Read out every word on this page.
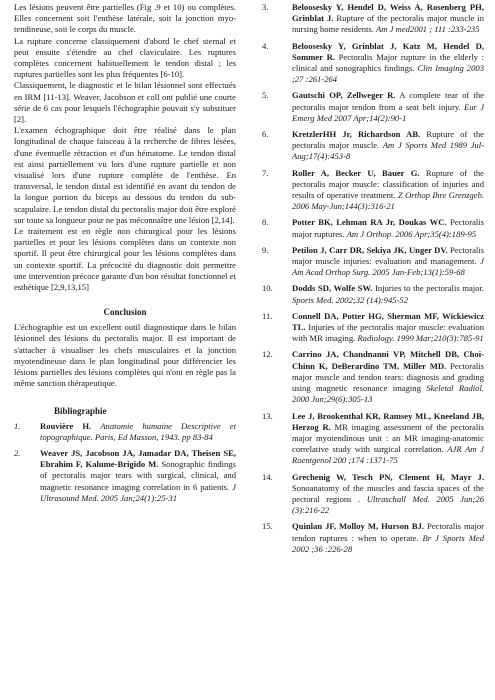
Les lésions peuvent être partielles (Fig .9 et 10) ou complètes. Elles concernent soit l'enthèse latérale, soit la jonction myo-tendineuse, soit le corps du muscle.

La rupture concerne classiquement d'abord le chef sternal et peut ensuite s'étendre au chef claviculaire. Les ruptures complètes concernent habituellement le tendon distal ; les ruptures partielles sont les plus fréquentes [6-10].

Classiquement, le diagnostic et le bilan lésionnel sont effectués en IRM [11-13]. Weaver, Jacobson et coll ont publié une courte série de 6 cas pour lesquels l'échographie pouvait s'y substituer [2].

L'examen échographique doit être réalisé dans le plan longitudinal de chaque faisceau à la recherche de fibres lésées, d'une éventuelle rétraction et d'un hématome. Le tendon distal est ainsi partiellement vu lors d'une rupture partielle et non visualisé lors d'une rupture complète de l'enthèse. En transversal, le tendon distal est identifié en avant du tendon de la longue portion du biceps au dessous du tendon du sub-scapulaire. Le tendon distal du pectoralis major doit être exploré sur toute sa longueur pour ne pas méconnaître une lésion [2,14].

Le traitement est en règle non chirurgical pour les lésions partielles et pour les lésions complètes dans un contexte non sportif. Il peut être chirurgical pour les lésions complètes dans un contexte sportif. La précocité du diagnostic doit permettre une intervention précoce garante d'un bon résultat fonctionnel et esthétique [2,9,13,15]

Conclusion

L'échographie est un excellent outil diagnostique dans le bilan lésionnel des lésions du pectoralis major. Il est important de s'attacher à visualiser les chefs musculaires et la jonction myotendineuse dans le plan longitudinal pour différencier les lésions partielles des lésions complètes qui n'ont en règle pas la même sanction thérapeutique.

Bibliographie
1.	Rouvière H. Anatomie humaine Descriptive et topographique. Paris, Ed Masson, 1943. pp 83-84
2.	Weaver JS, Jacobson JA, Jamadar DA, Theisen SE, Ebrahim F, Kalume-Brigido M. Sonographic findings of pectoralis major tears with surgical, clinical, and magnetic resonance imaging correlation in 6 patients. J Ultrasound Med. 2005 Jan;24(1):25-31
3.	Beloosesky Y, Hendel D, Weiss A, Rosenberg PH, Grinblat J. Rupture of the pectoralis major muscle in nursing home residents. Am J med2001 ; 111 :233-235
4.	Beloosesky Y, Grinblat J, Katz M, Hendel D, Sommer R. Pectoralis Major rupture in the elderly : clinical and sonographics findings. Clin Imaging 2003 ;27 :261-264
5.	Gautschi OP, Zellweger R. A complete tear of the pectoralis major tendon from a seat belt injury. Eur J Emerg Med 2007 Apr;14(2):90-1
6.	KretzlerHH Jr, Richardson AB. Rupture of the pectoralis major muscle. Am J Sports Med 1989 Jul-Aug;17(4):453-8
7.	Roller A, Becker U, Bauer G. Rupture of the pectoralis major muscle: classification of injuries and results of operative treatment. Z Orthop Ihre Grenzgeb. 2006 May-Jun;144(3):316-21
8.	Potter BK, Lehman RA Jr, Doukas WC. Pectoralis major ruptures. Am J Orthop. 2006 Apr;35(4):189-95
9.	Petilon J, Carr DR, Sekiya JK, Unger DV. Pectoralis major muscle injuries: evaluation and management. J Am Acad Orthop Surg. 2005 Jan-Feb;13(1):59-68
10.	Dodds SD, Wolfe SW. Injuries to the pectoralis major. Sports Med. 2002;32 (14):945-52
11.	Connell DA, Potter HG, Sherman MF, Wickiewicz TL. Injuries of the pectoralis major muscle: evaluation with MR imaging. Radiology. 1999 Mar;210(3):785-91
12.	Carrino JA, Chandnanni VP, Mitchell DB, Choi-Chinn K, DeBerardino TM, Miller MD. Pectoralis major muscle and tendon tears: diagnosis and grading using magnetic resonance imaging Skeletal Radiol. 2000 Jun;29(6):305-13
13.	Lee J, Brookenthal KR, Ramsey ML, Kneeland JB, Herzog R. MR imaging assessment of the pectoralis major myotendinous unit : an MR imaging-anatomic correlative study with surgical correlation. AJR Am J Roentgenol 200 ;174 :1371-75
14.	Grechenig W, Tesch PN, Clement H, Mayr J. Sonoanatomy of the muscles and fascia spaces of the pectoral regions . Ultraschall Med. 2005 Jun;26 (3):216-22
15.	Quinlan JF, Molloy M, Hurson BJ. Pectoralis major tendon ruptures : when to operate. Br J Sports Med 2002 ;36 :226-28
